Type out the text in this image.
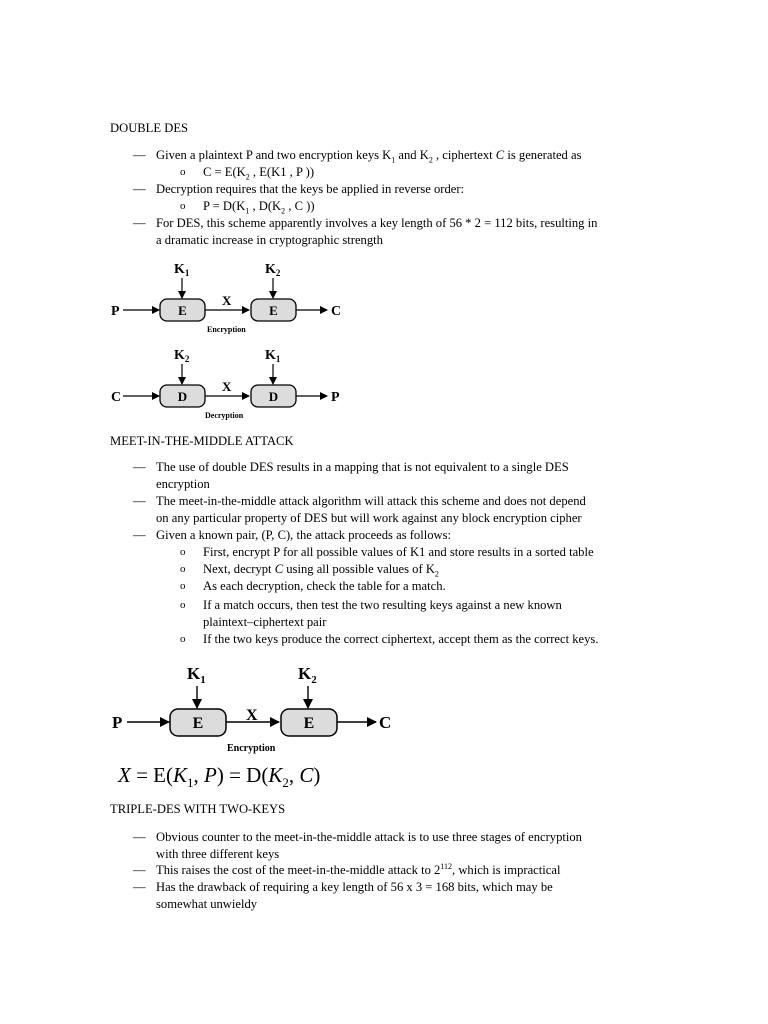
DOUBLE DES
— Given a plaintext P and two encryption keys $K_1$ and $K_2$ , ciphertext C is generated as
o $C = E(K_2$ , E(K1 , P ))
— Decryption requires that the keys be applied in reverse order:
o $P = D(K_1$ , $D(K_2$ , C ))
— For DES, this scheme apparently involves a key length of 56 * 2 = 112 bits, resulting in
a dramatic increase in cryptographic strength
$K_1$	$K_2$
P	E
X
E	C
Encryption
$K_2$	$K_1$
C	D
X
D	P
Decryption
MEET-IN-THE-MIDDLE ATTACK
— The use of double DES results in a mapping that is not equivalent to a single DES
encryption
— The meet-in-the-middle attack algorithm will attack this scheme and does not depend
on any particular property of DES but will work against any block encryption cipher
— Given a known pair, (P, C), the attack proceeds as follows:
o First, encrypt P for all possible values of K1 and store results in a sorted table
o Next, decrypt C using all possible values of $K_2$
o As each decryption, check the table for a match.
o If a match occurs, then test the two resulting keys against a new known
plaintext–ciphertext pair
o If the two keys produce the correct ciphertext, accept them as the correct keys.
$K_1$	$K_2$
P	E	X	E	C
Encryption
$X = E(K_1$, $P) = D(K_2$, C)
TRIPLE-DES WITH TWO-KEYS
— Obvious counter to the meet-in-the-middle attack is to use three stages of encryption
with three different keys
— This raises the cost of the meet-in-the-middle attack to $2^{112}$, which is impractical
— Has the drawback of requiring a key length of 56 x 3 = 168 bits, which may be
somewhat unwieldy
